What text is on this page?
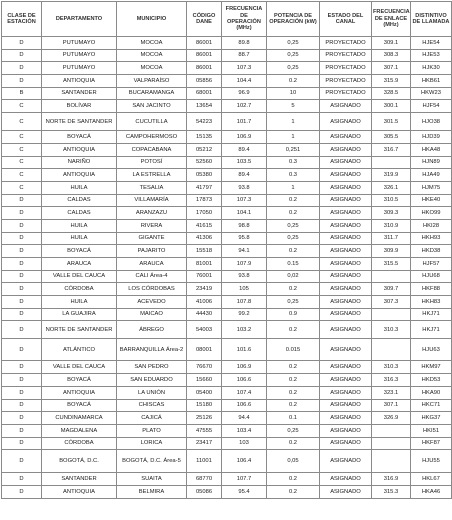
CLASE DE ESTACIÓN	DEPARTAMENTO	MUNICIPIO	CÓDIGO DANE	FRECUENCIA DE OPERACIÓN (MHz)	POTENCIA DE OPERACIÓN (kW)	ESTADO DEL CANAL	FRECUENCIA DE ENLACE (MHz)	DISTINTIVO DE LLAMADA
D	PUTUMAYO	MOCOA	86001	89.8	0,25	PROYECTADO	309.1	HJE54
D	PUTUMAYO	MOCOA	86001	88.7	0,25	PROYECTADO	308.3	HJE53
D	PUTUMAYO	MOCOA	86001	107.3	0,25	PROYECTADO	307.1	HJK30
D	ANTIOQUIA	VALPARAÍSO	05856	104.4	0.2	PROYECTADO	315.9	HKB61
B	SANTANDER	BUCARAMANGA	68001	96.9	10	PROYECTADO	328.5	HKW23
C	BOLÍVAR	SAN JACINTO	13654	102.7	5	ASIGNADO	300.1	HJF54
C	NORTE DE SANTANDER	CUCUTILLA	54223	101.7	1	ASIGNADO	301.5	HJO38
C	BOYACÁ	CAMPOHERMOSO	15135	106.9	1	ASIGNADO	305.5	HJD39
C	ANTIOQUIA	COPACABANA	05212	89.4	0,251	ASIGNADO	316.7	HKA48
C	NARIÑO	POTOSÍ	52560	103.5	0.3	ASIGNADO		HJN89
C	ANTIOQUIA	LA ESTRELLA	05380	89.4	0.3	ASIGNADO	319.9	HJA49
C	HUILA	TESALIA	41797	93.8	1	ASIGNADO	326.1	HJM75
D	CALDAS	VILLAMARÍA	17873	107.3	0.2	ASIGNADO	310.5	HKE40
D	CALDAS	ARANZAZU	17050	104.1	0.2	ASIGNADO	309.3	HKO99
D	HUILA	RIVERA	41615	98.8	0,25	ASIGNADO	310.9	HKI28
D	HUILA	GIGANTE	41306	95.8	0,25	ASIGNADO	311.7	HKH93
D	BOYACÁ	PAJARITO	15518	94.1	0.2	ASIGNADO	309.9	HKD38
D	ARAUCA	ARAUCA	81001	107.9	0.15	ASIGNADO	315.5	HJF57
D	VALLE DEL CAUCA	CALI Área-4	76001	93.8	0,02	ASIGNADO		HJU68
D	CÓRDOBA	LOS CÓRDOBAS	23419	105	0.2	ASIGNADO	309.7	HKF88
D	HUILA	ACEVEDO	41006	107.8	0,25	ASIGNADO	307.3	HKH83
D	LA GUAJIRA	MAICAO	44430	99.2	0.9	ASIGNADO		HKJ71
D	NORTE DE SANTANDER	ÁBREGO	54003	103.2	0.2	ASIGNADO	310.3	HKJ71
D	ATLÁNTICO	BARRANQUILLA Área-2	08001	101.6	0.015	ASIGNADO		HJU63
D	VALLE DEL CAUCA	SAN PEDRO	76670	106.9	0.2	ASIGNADO	310.3	HKM97
D	BOYACÁ	SAN EDUARDO	15660	106.6	0.2	ASIGNADO	316.3	HKD53
D	ANTIOQUIA	LA UNIÓN	05400	107.4	0.2	ASIGNADO	323.1	HKA90
D	BOYACÁ	CHISCAS	15180	106.6	0.2	ASIGNADO	307.1	HKC71
D	CUNDINAMARCA	CAJICÁ	25126	94.4	0.1	ASIGNADO	326.9	HKG37
D	MAGDALENA	PLATO	47555	103.4	0,25	ASIGNADO		HKI51
D	CÓRDOBA	LORICA	23417	103	0.2	ASIGNADO		HKF87
D	BOGOTÁ, D.C.	BOGOTÁ, D.C. Área-5	11001	106.4	0,05	ASIGNADO		HJU55
D	SANTANDER	SUAITA	68770	107.7	0.2	ASIGNADO	316.9	HKL67
D	ANTIOQUIA	BELMIRA	05086	95.4	0.2	ASIGNADO	315.3	HKA46
